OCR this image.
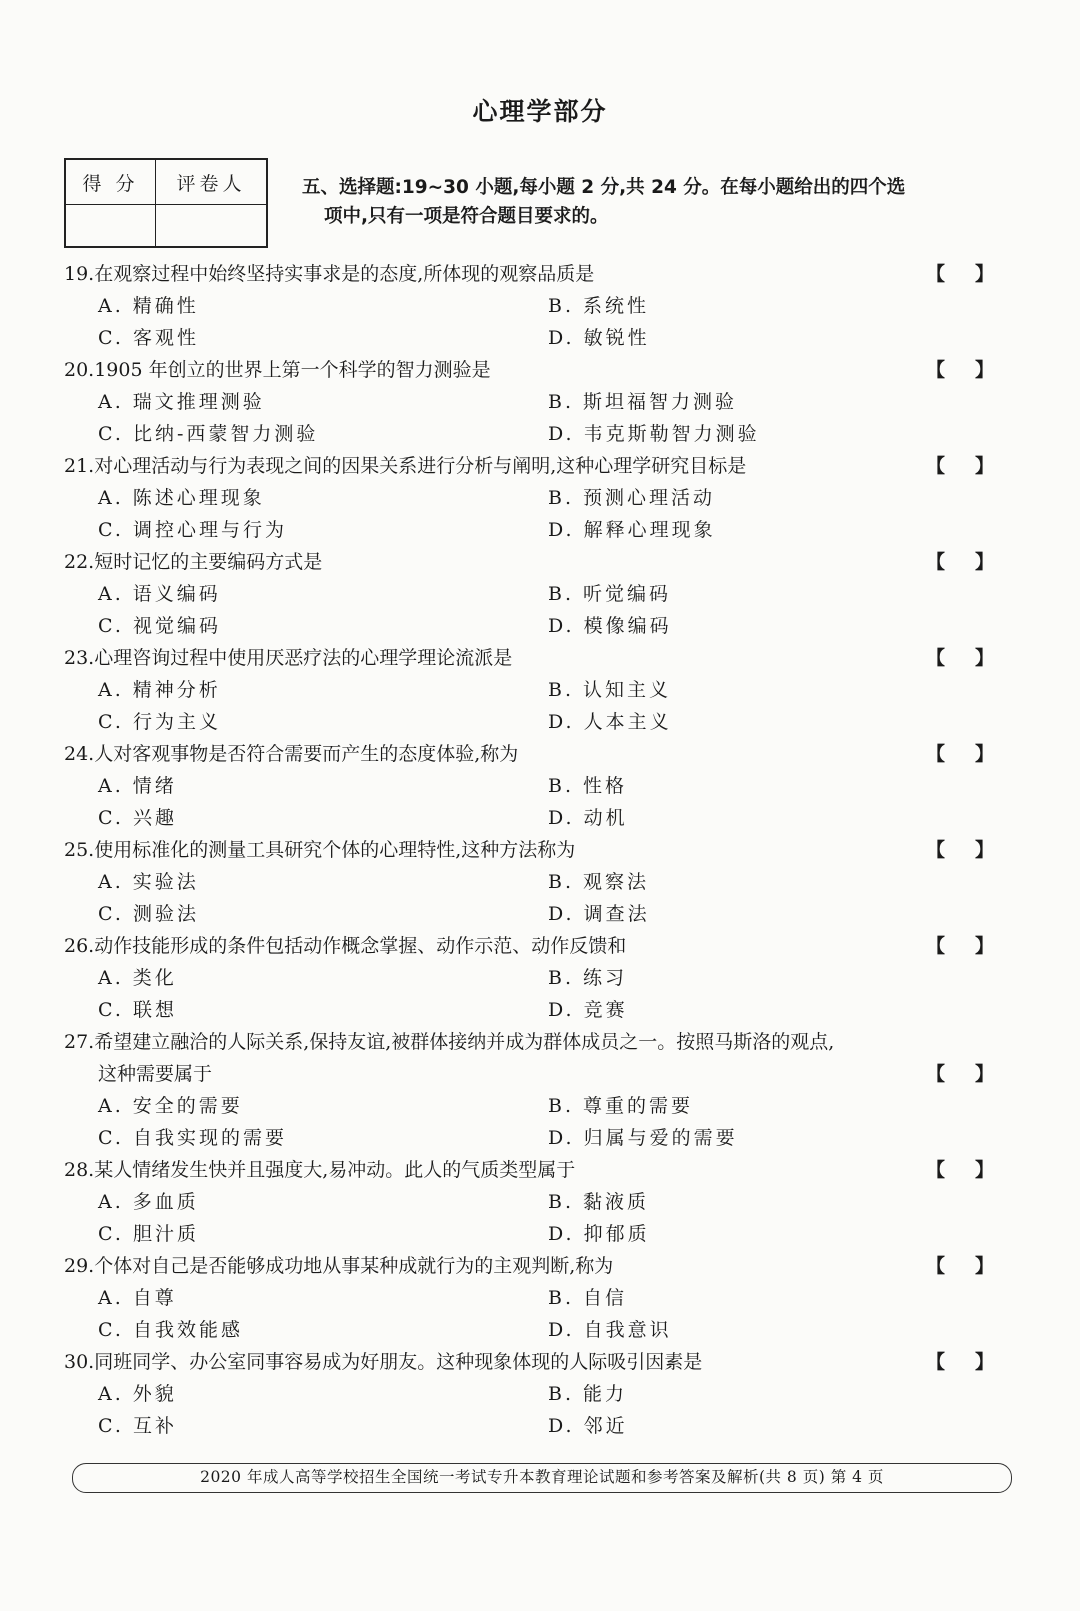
心理学部分
得 分	评卷人	五、选择题:19~30 小题,每小题 2 分,共 24 分。在每小题给出的四个选
项中,只有一项是符合题目要求的。
19.在观察过程中始终坚持实事求是的态度,所体现的观察品质是	【】
A. 精确性	B. 系统性
C. 客观性	D. 敏锐性
20.1905 年创立的世界上第一个科学的智力测验是	【】
A. 瑞文推理测验	B. 斯坦福智力测验
C. 比纳-西蒙智力测验	D. 韦克斯勒智力测验
21.对心理活动与行为表现之间的因果关系进行分析与阐明,这种心理学研究目标是	【】
A. 陈述心理现象	B. 预测心理活动
C. 调控心理与行为	D. 解释心理现象
22.短时记忆的主要编码方式是	【】
A. 语义编码	B. 听觉编码
C. 视觉编码	D. 模像编码
23.心理咨询过程中使用厌恶疗法的心理学理论流派是	【】
A. 精神分析	B. 认知主义
C. 行为主义	D. 人本主义
24.人对客观事物是否符合需要而产生的态度体验,称为	【】
A. 情绪	B. 性格
C. 兴趣	D. 动机
25.使用标准化的测量工具研究个体的心理特性,这种方法称为	【】
A. 实验法	B. 观察法
C. 测验法	D. 调查法
26.动作技能形成的条件包括动作概念掌握、动作示范、动作反馈和	【】
A. 类化	B. 练习
C. 联想	D. 竞赛
27.希望建立融洽的人际关系,保持友谊,被群体接纳并成为群体成员之一。按照马斯洛的观点,
这种需要属于	【】
A. 安全的需要	B. 尊重的需要
C. 自我实现的需要	D. 归属与爱的需要
28.某人情绪发生快并且强度大,易冲动。此人的气质类型属于	【】
A. 多血质	B. 黏液质
C. 胆汁质	D. 抑郁质
29.个体对自己是否能够成功地从事某种成就行为的主观判断,称为	【】
A. 自尊	B. 自信
C. 自我效能感	D. 自我意识
30.同班同学、办公室同事容易成为好朋友。这种现象体现的人际吸引因素是	【】
A. 外貌	B. 能力
C. 互补	D. 邻近
2020 年成人高等学校招生全国统一考试专升本教育理论试题和参考答案及解析(共 8 页) 第 4 页
